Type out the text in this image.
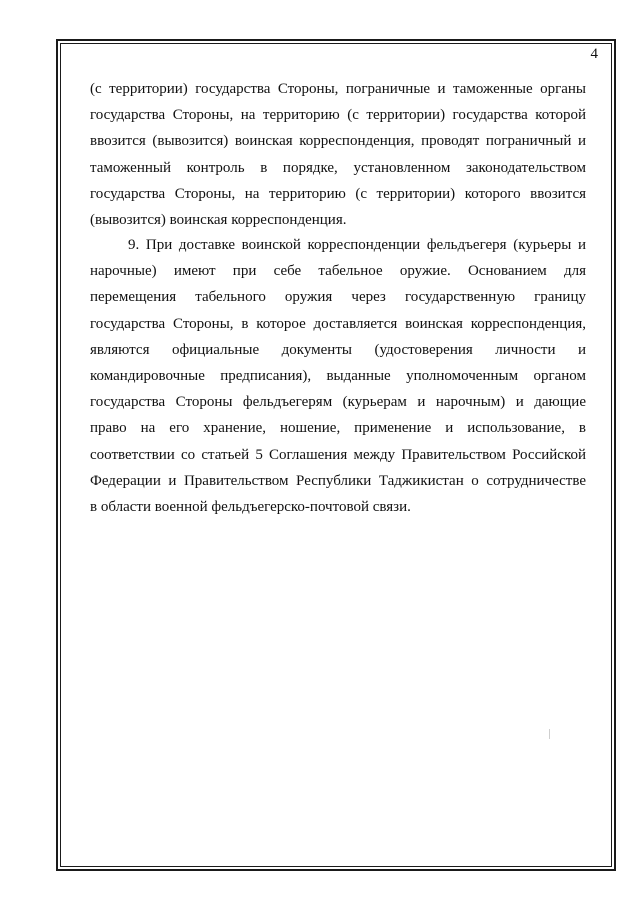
4
(с территории) государства Стороны, пограничные и таможенные органы
государства Стороны, на территорию (с территории) государства которой
ввозится (вывозится) воинская корреспонденция, проводят пограничный и
таможенный контроль в порядке, установленном законодательством
государства Стороны, на территорию (с территории) которого ввозится
(вывозится) воинская корреспонденция.
9. При доставке воинской корреспонденции фельдъегеря (курьеры и
нарочные) имеют при себе табельное оружие. Основанием для
перемещения табельного оружия через государственную границу
государства Стороны, в которое доставляется воинская корреспонденция,
являются официальные документы (удостоверения личности и
командировочные предписания), выданные уполномоченным органом
государства Стороны фельдъегерям (курьерам и нарочным) и дающие
право на его хранение, ношение, применение и использование, в
соответствии со статьей 5 Соглашения между Правительством Российской
Федерации и Правительством Республики Таджикистан о сотрудничестве
в области военной фельдъегерско-почтовой связи.
